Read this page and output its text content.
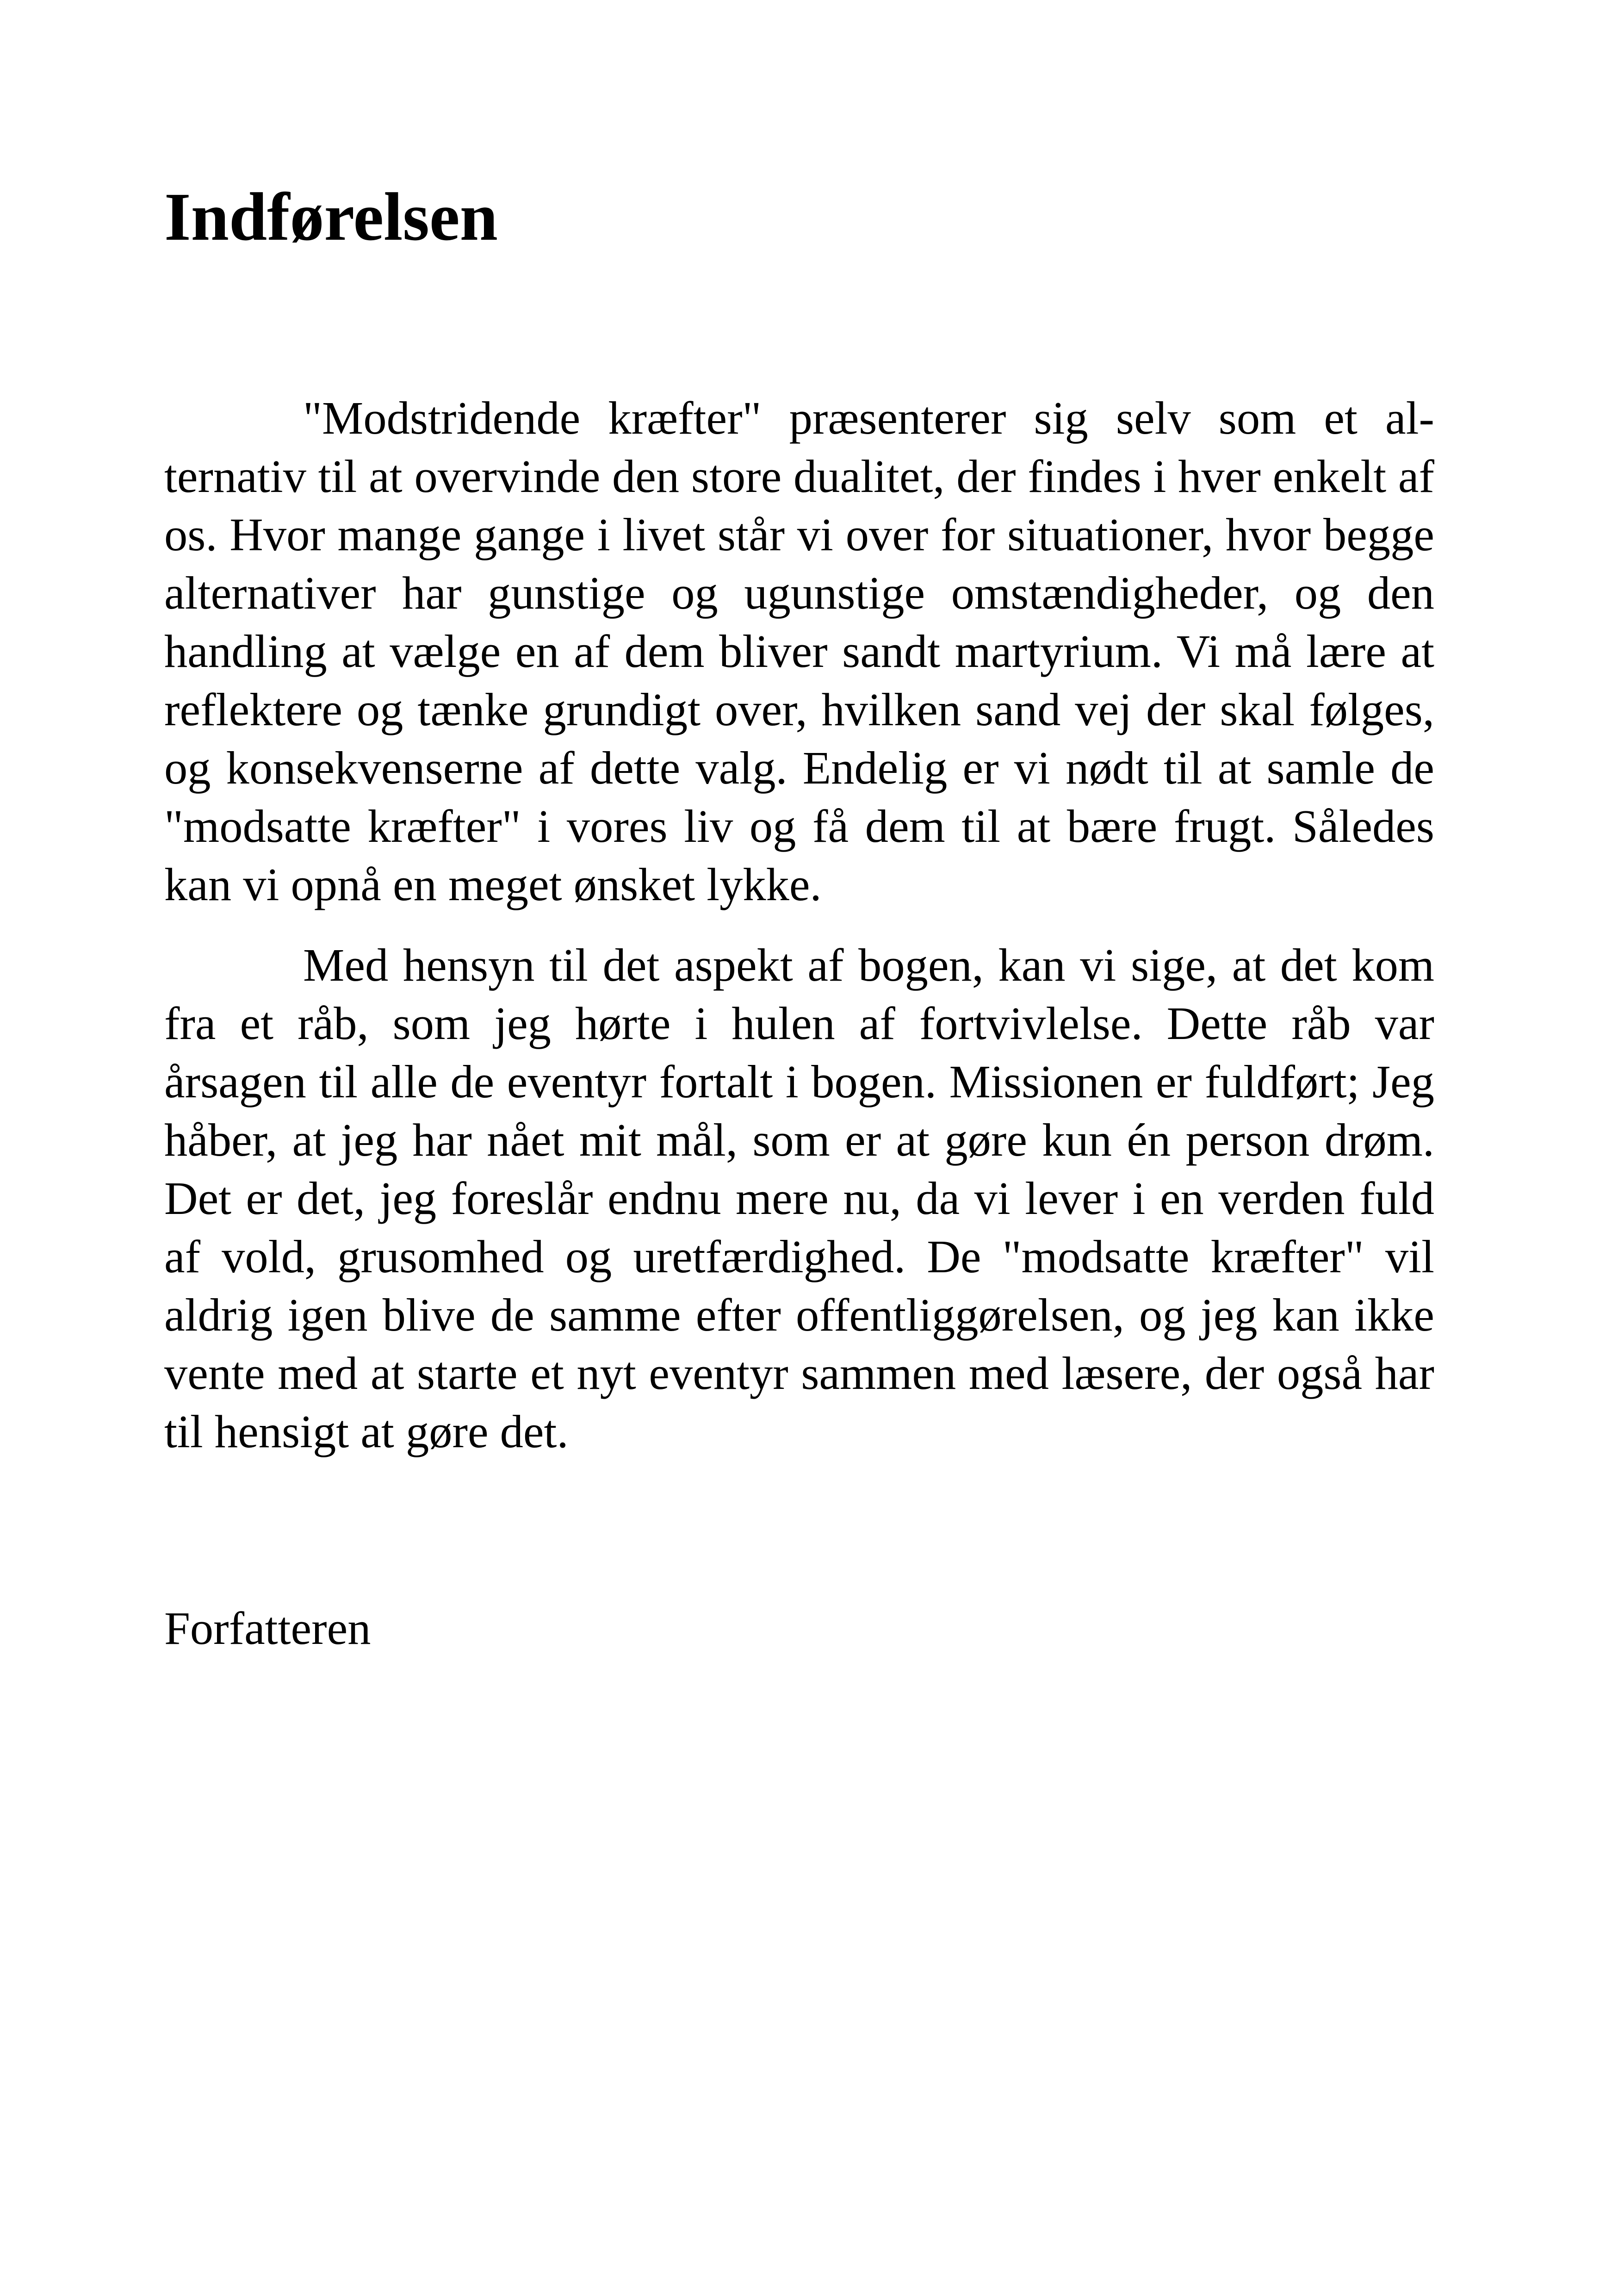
Indførelsen

"Modstridende kræfter" præsenterer sig selv som et alternativ til at overvinde den store dualitet, der findes i hver enkelt af os. Hvor mange gange i livet står vi over for situationer, hvor begge alternativer har gunstige og ugunstige omstændigheder, og den handling at vælge en af dem bliver sandt martyrium. Vi må lære at reflektere og tænke grundigt over, hvilken sand vej der skal følges, og konsekvenserne af dette valg. Endelig er vi nødt til at samle de "modsatte kræfter" i vores liv og få dem til at bære frugt. Således kan vi opnå en meget ønsket lykke.

Med hensyn til det aspekt af bogen, kan vi sige, at det kom fra et råb, som jeg hørte i hulen af fortvivlelse. Dette råb var årsagen til alle de eventyr fortalt i bogen. Missionen er fuldført; Jeg håber, at jeg har nået mit mål, som er at gøre kun én person drøm. Det er det, jeg foreslår endnu mere nu, da vi lever i en verden fuld af vold, grusomhed og uretfærdighed. De "modsatte kræfter" vil aldrig igen blive de samme efter offentliggørelsen, og jeg kan ikke vente med at starte et nyt eventyr sammen med læsere, der også har til hensigt at gøre det.

Forfatteren
